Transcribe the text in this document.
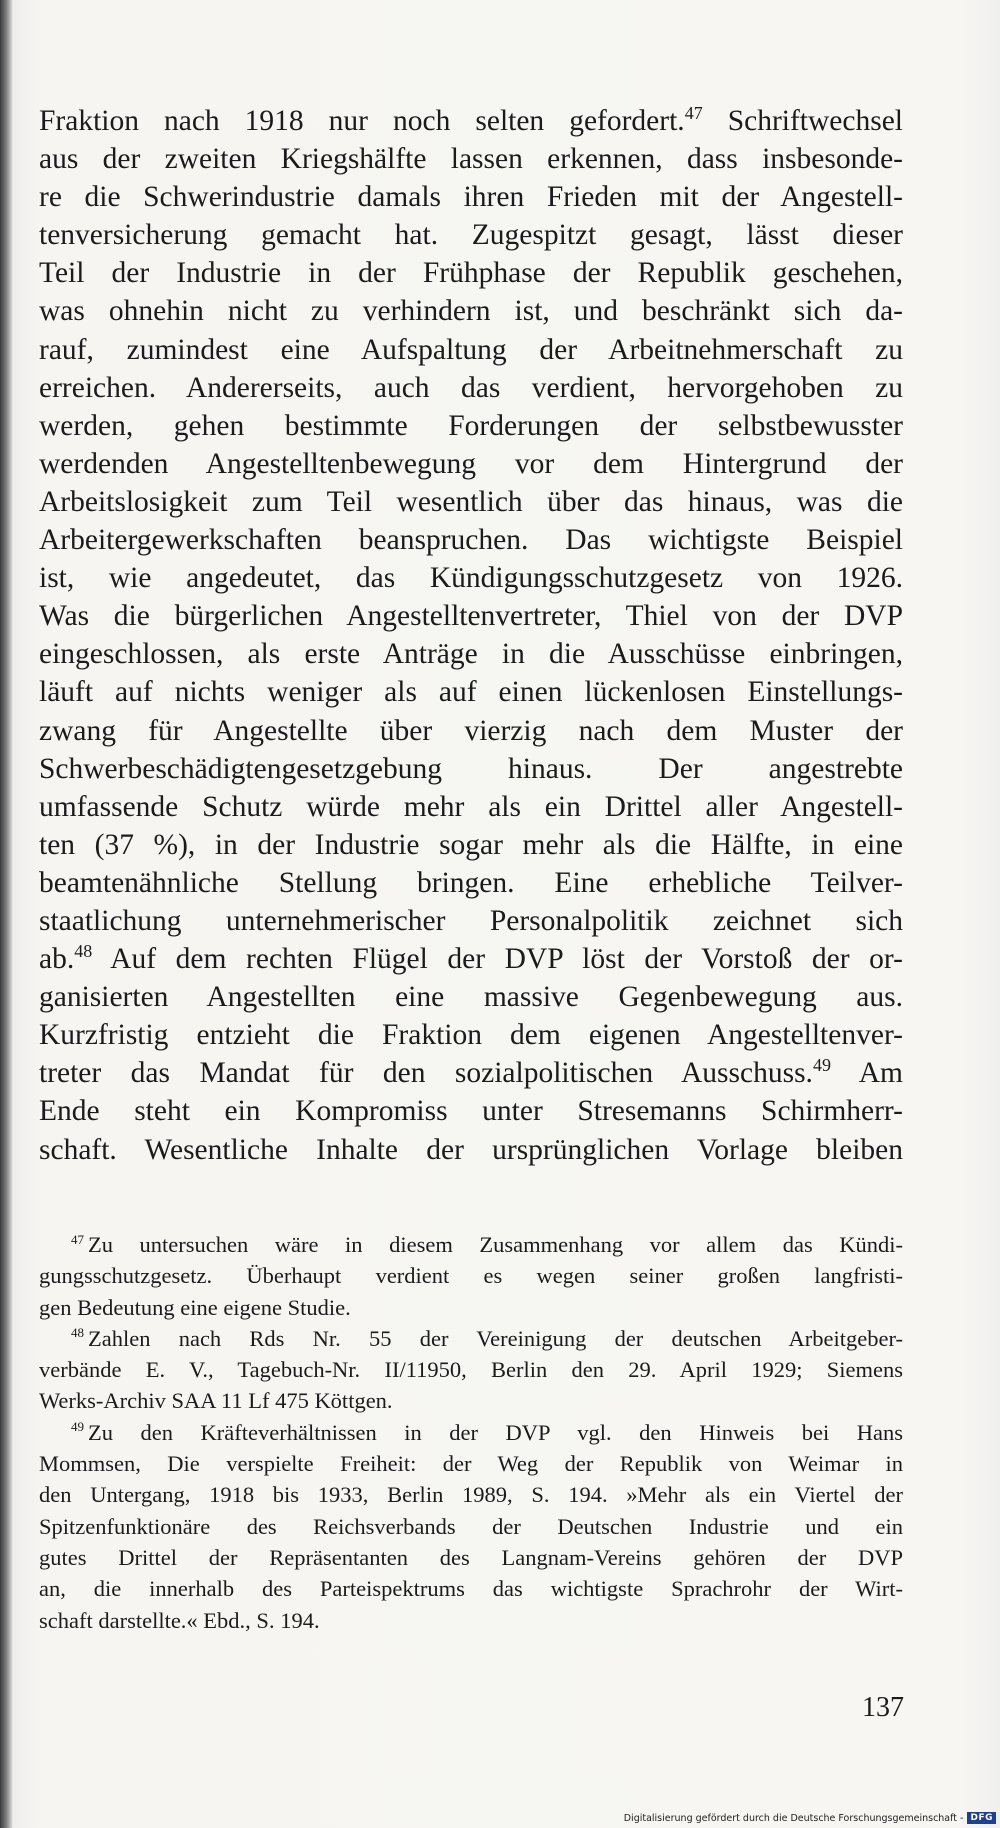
Fraktion nach 1918 nur noch selten gefordert.$^{47}$ Schriftwechsel
aus der zweiten Kriegshälfte lassen erkennen, dass insbesonde-
re die Schwerindustrie damals ihren Frieden mit der Angestell-
tenversicherung gemacht hat. Zugespitzt gesagt, lässt dieser
Teil der Industrie in der Frühphase der Republik geschehen,
was ohnehin nicht zu verhindern ist, und beschränkt sich da-
rauf, zumindest eine Aufspaltung der Arbeitnehmerschaft zu
erreichen. Andererseits, auch das verdient, hervorgehoben zu
werden, gehen bestimmte Forderungen der selbstbewusster
werdenden Angestelltenbewegung vor dem Hintergrund der
Arbeitslosigkeit zum Teil wesentlich über das hinaus, was die
Arbeitergewerkschaften beanspruchen. Das wichtigste Beispiel
ist, wie angedeutet, das Kündigungsschutzgesetz von 1926.
Was die bürgerlichen Angestelltenvertreter, Thiel von der DVP
eingeschlossen, als erste Anträge in die Ausschüsse einbringen,
läuft auf nichts weniger als auf einen lückenlosen Einstellungs-
zwang für Angestellte über vierzig nach dem Muster der
Schwerbeschädigtengesetzgebung hinaus. Der angestrebte
umfassende Schutz würde mehr als ein Drittel aller Angestell-
ten (37 %), in der Industrie sogar mehr als die Hälfte, in eine
beamtenähnliche Stellung bringen. Eine erhebliche Teilver-
staatlichung unternehmerischer Personalpolitik zeichnet sich
ab.$^{48}$ Auf dem rechten Flügel der DVP löst der Vorstoß der or-
ganisierten Angestellten eine massive Gegenbewegung aus.
Kurzfristig entzieht die Fraktion dem eigenen Angestelltenver-
treter das Mandat für den sozialpolitischen Ausschuss.$^{49}$ Am
Ende steht ein Kompromiss unter Stresemanns Schirmherr-
schaft. Wesentliche Inhalte der ursprünglichen Vorlage bleiben
$^{47}$ Zu untersuchen wäre in diesem Zusammenhang vor allem das Kündi-
gungsschutzgesetz. Überhaupt verdient es wegen seiner großen langfristi-
gen Bedeutung eine eigene Studie.
$^{48}$ Zahlen nach Rds Nr. 55 der Vereinigung der deutschen Arbeitgeber-
verbände E. V., Tagebuch-Nr. II/11950, Berlin den 29. April 1929; Siemens
Werks-Archiv SAA 11 Lf 475 Köttgen.
$^{49}$ Zu den Kräfteverhältnissen in der DVP vgl. den Hinweis bei Hans
Mommsen, Die verspielte Freiheit: der Weg der Republik von Weimar in
den Untergang, 1918 bis 1933, Berlin 1989, S. 194. »Mehr als ein Viertel der
Spitzenfunktionäre des Reichsverbands der Deutschen Industrie und ein
gutes Drittel der Repräsentanten des Langnam-Vereins gehören der DVP
an, die innerhalb des Parteispektrums das wichtigste Sprachrohr der Wirt-
schaft darstellte.« Ebd., S. 194.
137
Digitalisierung gefördert durch die Deutsche Forschungsgemeinschaft - DFG
